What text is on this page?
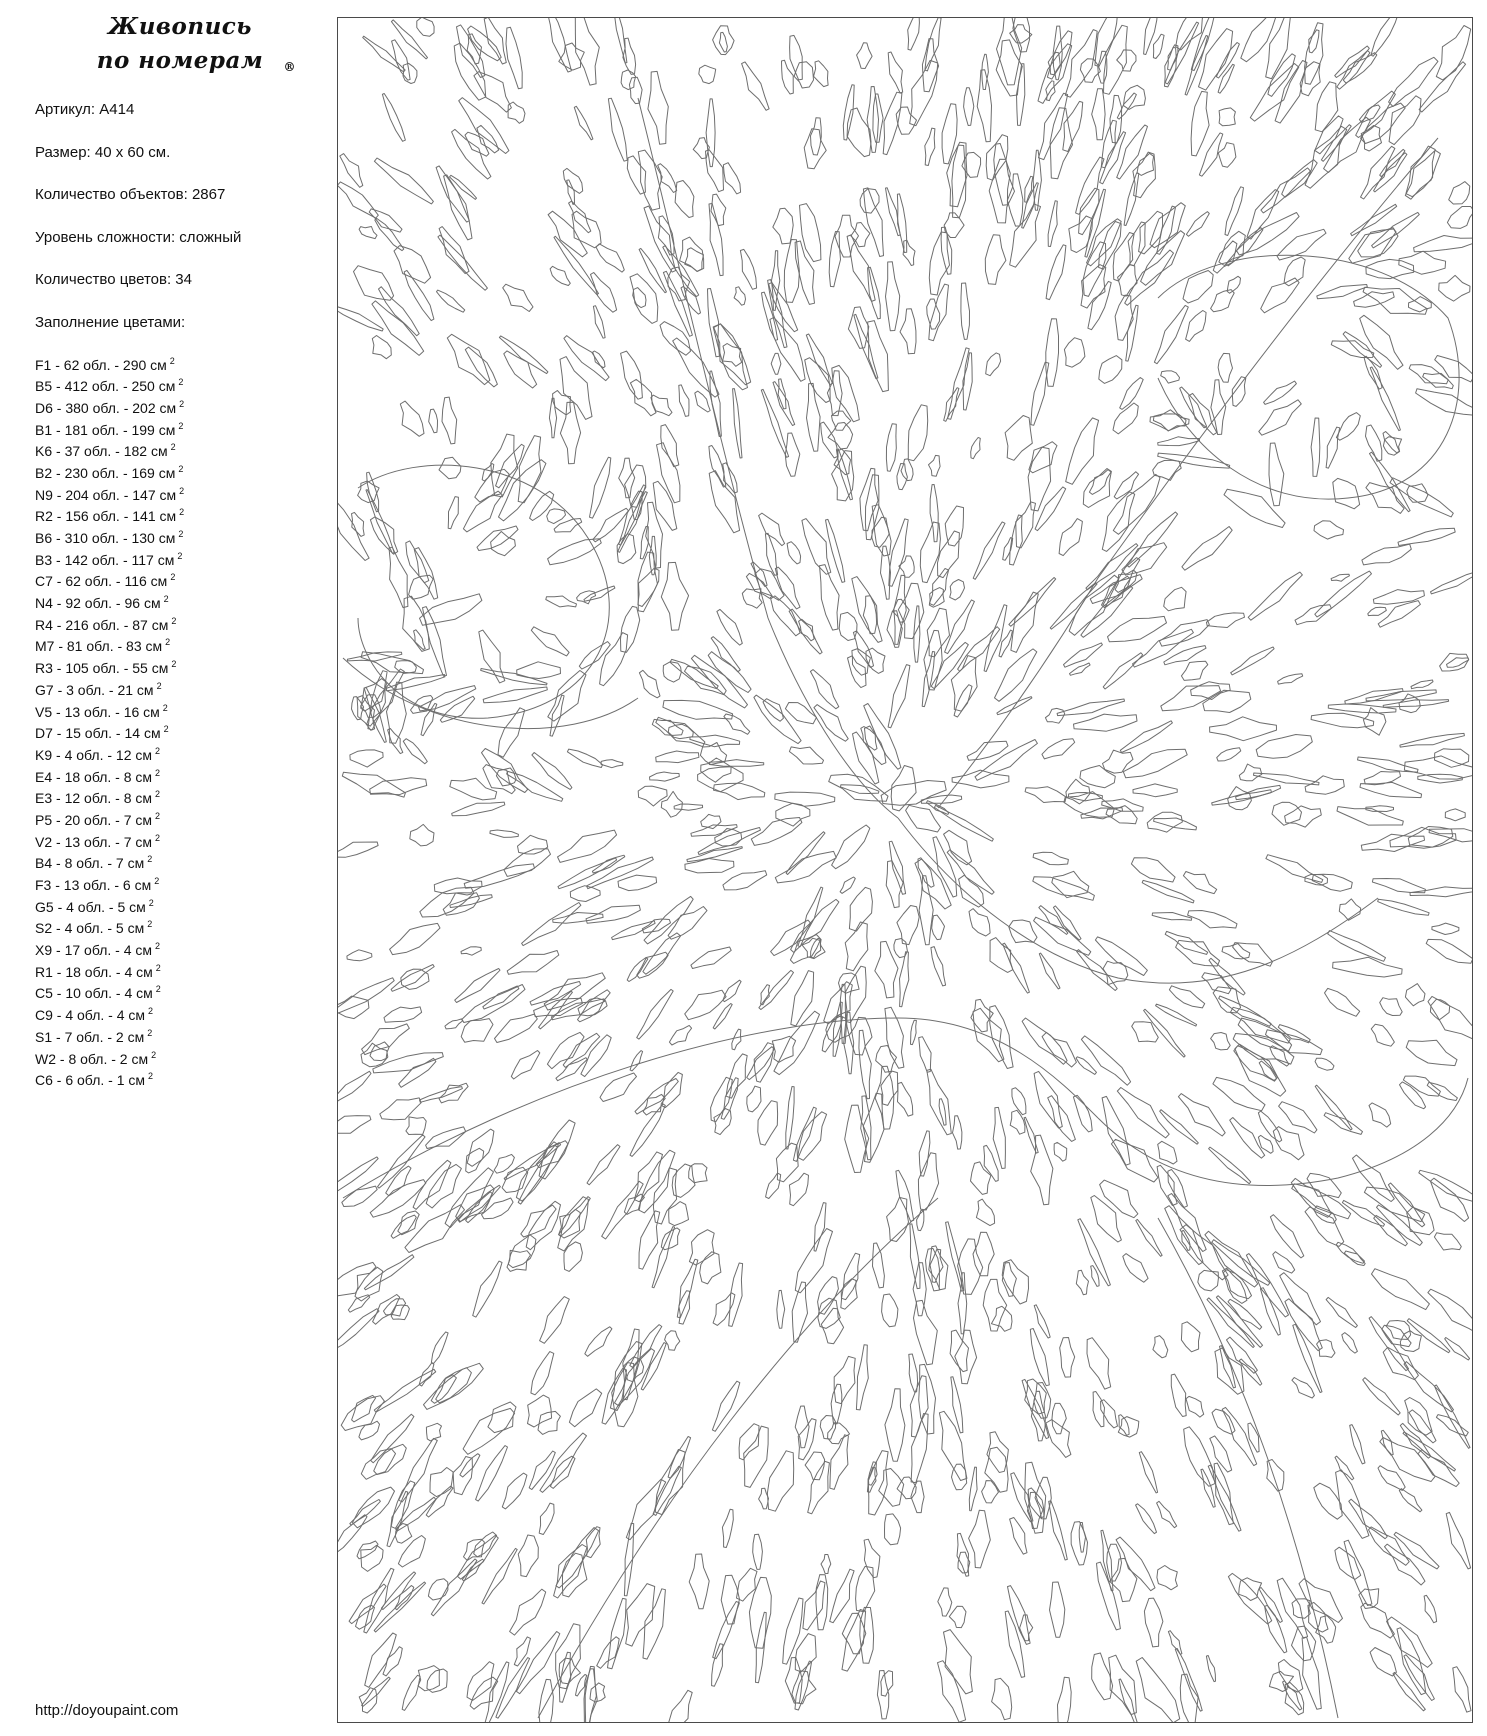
Живопись
по номерам	®
Артикул: A414
Размер: 40 x 60 см.
Количество объектов: 2867
Уровень сложности: сложный
Количество цветов: 34
Заполнение цветами:
F1 - 62 обл. - 290 см $^2$
B5 - 412 обл. - 250 см $^2$
D6 - 380 обл. - 202 см $^2$
B1 - 181 обл. - 199 см $^2$
K6 - 37 обл. - 182 см $^2$
B2 - 230 обл. - 169 см $^2$
N9 - 204 обл. - 147 см $^2$
R2 - 156 обл. - 141 см $^2$
B6 - 310 обл. - 130 см $^2$
B3 - 142 обл. - 117 см $^2$
C7 - 62 обл. - 116 см $^2$
N4 - 92 обл. - 96 см $^2$
R4 - 216 обл. - 87 см $^2$
M7 - 81 обл. - 83 см $^2$
R3 - 105 обл. - 55 см $^2$
G7 - 3 обл. - 21 см $^2$
V5 - 13 обл. - 16 см $^2$
D7 - 15 обл. - 14 см $^2$
K9 - 4 обл. - 12 см $^2$
E4 - 18 обл. - 8 см $^2$
E3 - 12 обл. - 8 см $^2$
P5 - 20 обл. - 7 см $^2$
V2 - 13 обл. - 7 см $^2$
B4 - 8 обл. - 7 см $^2$
F3 - 13 обл. - 6 см $^2$
G5 - 4 обл. - 5 см $^2$
S2 - 4 обл. - 5 см $^2$
X9 - 17 обл. - 4 см $^2$
R1 - 18 обл. - 4 см $^2$
C5 - 10 обл. - 4 см $^2$
C9 - 4 обл. - 4 см $^2$
S1 - 7 обл. - 2 см $^2$
W2 - 8 обл. - 2 см $^2$
C6 - 6 обл. - 1 см $^2$
http://doyoupaint.com
